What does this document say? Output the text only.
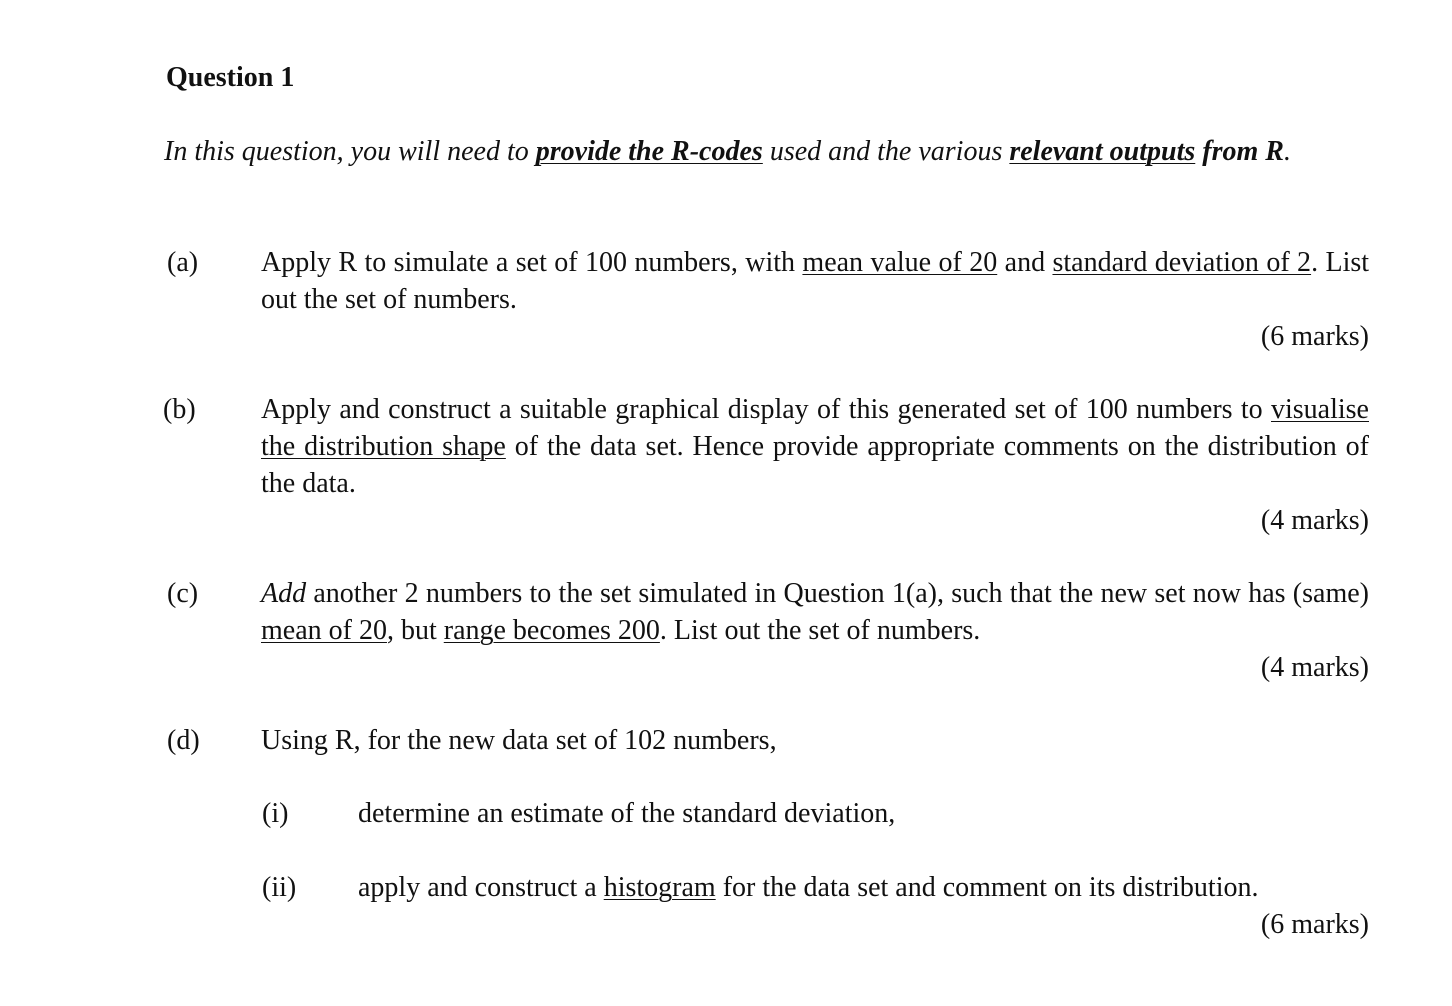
Question 1
In this question, you will need to provide the R-codes used and the various relevant outputs from R.
(a) Apply R to simulate a set of 100 numbers, with mean value of 20 and standard deviation of 2. List out the set of numbers.
(6 marks)
(b) Apply and construct a suitable graphical display of this generated set of 100 numbers to visualise the distribution shape of the data set. Hence provide appropriate comments on the distribution of the data.
(4 marks)
(c) Add another 2 numbers to the set simulated in Question 1(a), such that the new set now has (same) mean of 20, but range becomes 200. List out the set of numbers.
(4 marks)
(d) Using R, for the new data set of 102 numbers,
(i) determine an estimate of the standard deviation,
(ii) apply and construct a histogram for the data set and comment on its distribution.
(6 marks)
